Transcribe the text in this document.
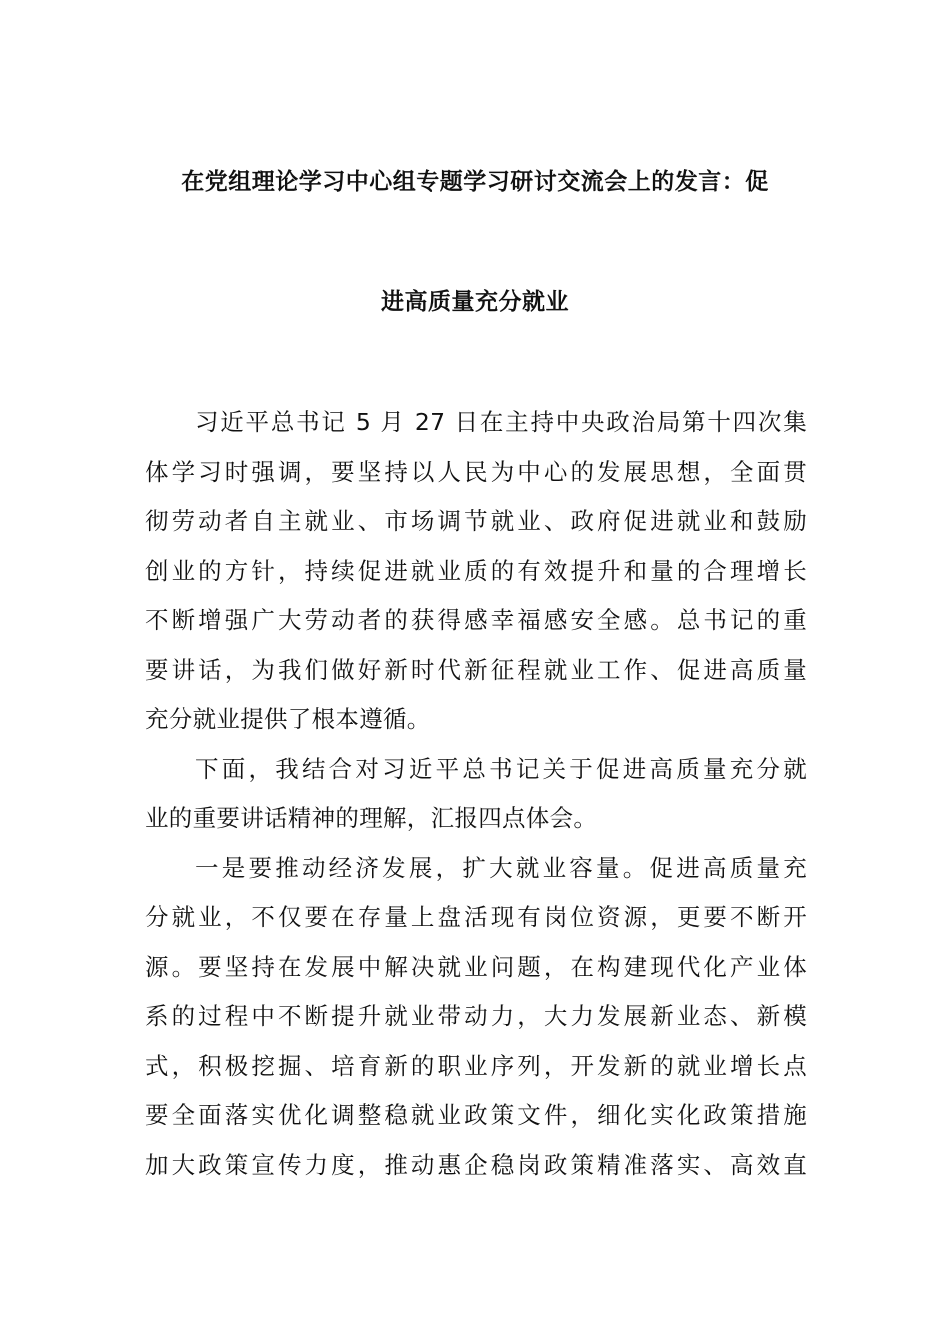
在党组理论学习中心组专题学习研讨交流会上的发言：促
进高质量充分就业
习近平总书记 5 月 27 日在主持中央政治局第十四次集
体学习时强调，要坚持以人民为中心的发展思想，全面贯
彻劳动者自主就业、市场调节就业、政府促进就业和鼓励
创业的方针，持续促进就业质的有效提升和量的合理增长
不断增强广大劳动者的获得感幸福感安全感。总书记的重
要讲话，为我们做好新时代新征程就业工作、促进高质量
充分就业提供了根本遵循。
下面，我结合对习近平总书记关于促进高质量充分就
业的重要讲话精神的理解，汇报四点体会。
一是要推动经济发展，扩大就业容量。促进高质量充
分就业，不仅要在存量上盘活现有岗位资源，更要不断开
源。要坚持在发展中解决就业问题，在构建现代化产业体
系的过程中不断提升就业带动力，大力发展新业态、新模
式，积极挖掘、培育新的职业序列，开发新的就业增长点
要全面落实优化调整稳就业政策文件，细化实化政策措施
加大政策宣传力度，推动惠企稳岗政策精准落实、高效直
